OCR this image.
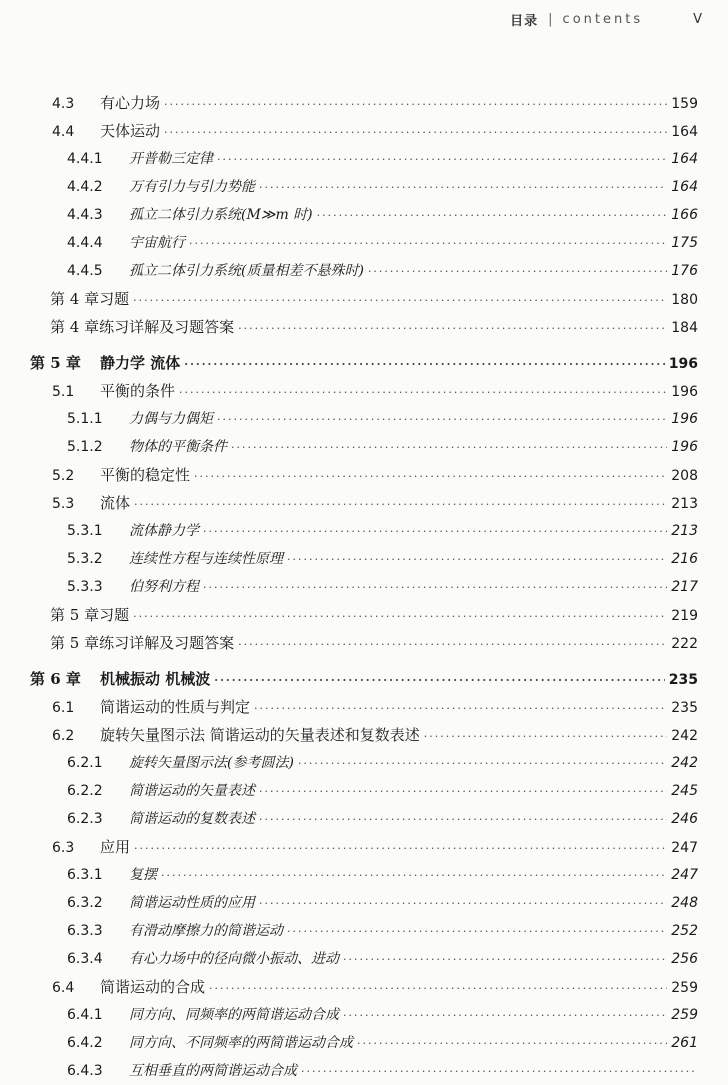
目录 | contents	V
4.3	有心力场 ·····	159
4.4	天体运动 ·····	164
4.4.1	开普勒三定律 ·····	164
4.4.2	万有引力与引力势能 ·····	164
4.4.3	孤立二体引力系统(M≫m 时) ·····	166
4.4.4	宇宙航行 ·····	175
4.4.5	孤立二体引力系统(质量相差不悬殊时) ·····	176
第 4 章习题 ·····	180
第 4 章练习详解及习题答案 ·····	184
第 5 章	静力学 流体 ·····	196
5.1	平衡的条件 ·····	196
5.1.1	力偶与力偶矩 ·····	196
5.1.2	物体的平衡条件 ·····	196
5.2	平衡的稳定性 ·····	208
5.3	流体 ·····	213
5.3.1	流体静力学 ·····	213
5.3.2	连续性方程与连续性原理 ·····	216
5.3.3	伯努利方程 ·····	217
第 5 章习题 ·····	219
第 5 章练习详解及习题答案 ·····	222
第 6 章	机械振动 机械波 ·····	235
6.1	简谐运动的性质与判定 ·····	235
6.2	旋转矢量图示法 简谐运动的矢量表述和复数表述 ·····	242
6.2.1	旋转矢量图示法(参考圆法) ·····	242
6.2.2	简谐运动的矢量表述 ·····	245
6.2.3	简谐运动的复数表述 ·····	246
6.3	应用 ·····	247
6.3.1	复摆 ·····	247
6.3.2	简谐运动性质的应用 ·····	248
6.3.3	有滑动摩擦力的简谐运动 ·····	252
6.3.4	有心力场中的径向微小振动、进动 ·····	256
6.4	简谐运动的合成 ·····	259
6.4.1	同方向、同频率的两简谐运动合成 ·····	259
6.4.2	同方向、不同频率的两简谐运动合成 ·····	261
6.4.3	互相垂直的两简谐运动合成
·····
